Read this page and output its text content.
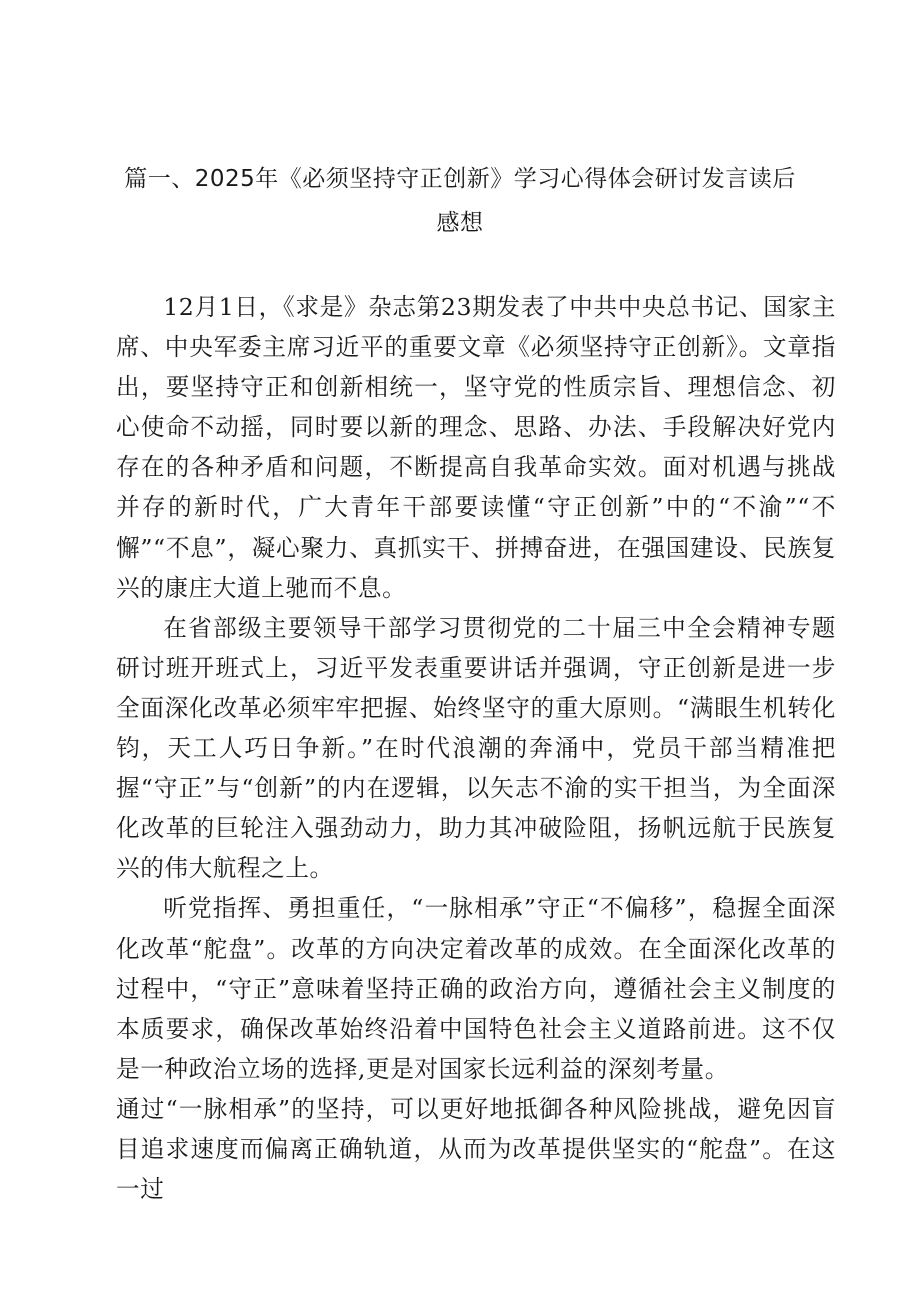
篇一、2025年《必须坚持守正创新》学习心得体会研讨发言读后感想

12月1日，《求是》杂志第23期发表了中共中央总书记、国家主席、中央军委主席习近平的重要文章《必须坚持守正创新》。文章指出，要坚持守正和创新相统一，坚守党的性质宗旨、理想信念、初心使命不动摇，同时要以新的理念、思路、办法、手段解决好党内存在的各种矛盾和问题，不断提高自我革命实效。面对机遇与挑战并存的新时代，广大青年干部要读懂“守正创新”中的“不渝”“不懈”“不息”，凝心聚力、真抓实干、拼搏奋进，在强国建设、民族复兴的康庄大道上驰而不息。

在省部级主要领导干部学习贯彻党的二十届三中全会精神专题研讨班开班式上，习近平发表重要讲话并强调，守正创新是进一步全面深化改革必须牢牢把握、始终坚守的重大原则。“满眼生机转化钧，天工人巧日争新。”在时代浪潮的奔涌中，党员干部当精准把握“守正”与“创新”的内在逻辑，以矢志不渝的实干担当，为全面深化改革的巨轮注入强劲动力，助力其冲破险阻，扬帆远航于民族复兴的伟大航程之上。

听党指挥、勇担重任，“一脉相承”守正“不偏移”，稳握全面深化改革“舵盘”。改革的方向决定着改革的成效。在全面深化改革的过程中，“守正”意味着坚持正确的政治方向，遵循社会主义制度的本质要求，确保改革始终沿着中国特色社会主义道路前进。这不仅是一种政治立场的选择,更是对国家长远利益的深刻考量。

通过“一脉相承”的坚持，可以更好地抵御各种风险挑战，避免因盲目追求速度而偏离正确轨道，从而为改革提供坚实的“舵盘”。在这一过
